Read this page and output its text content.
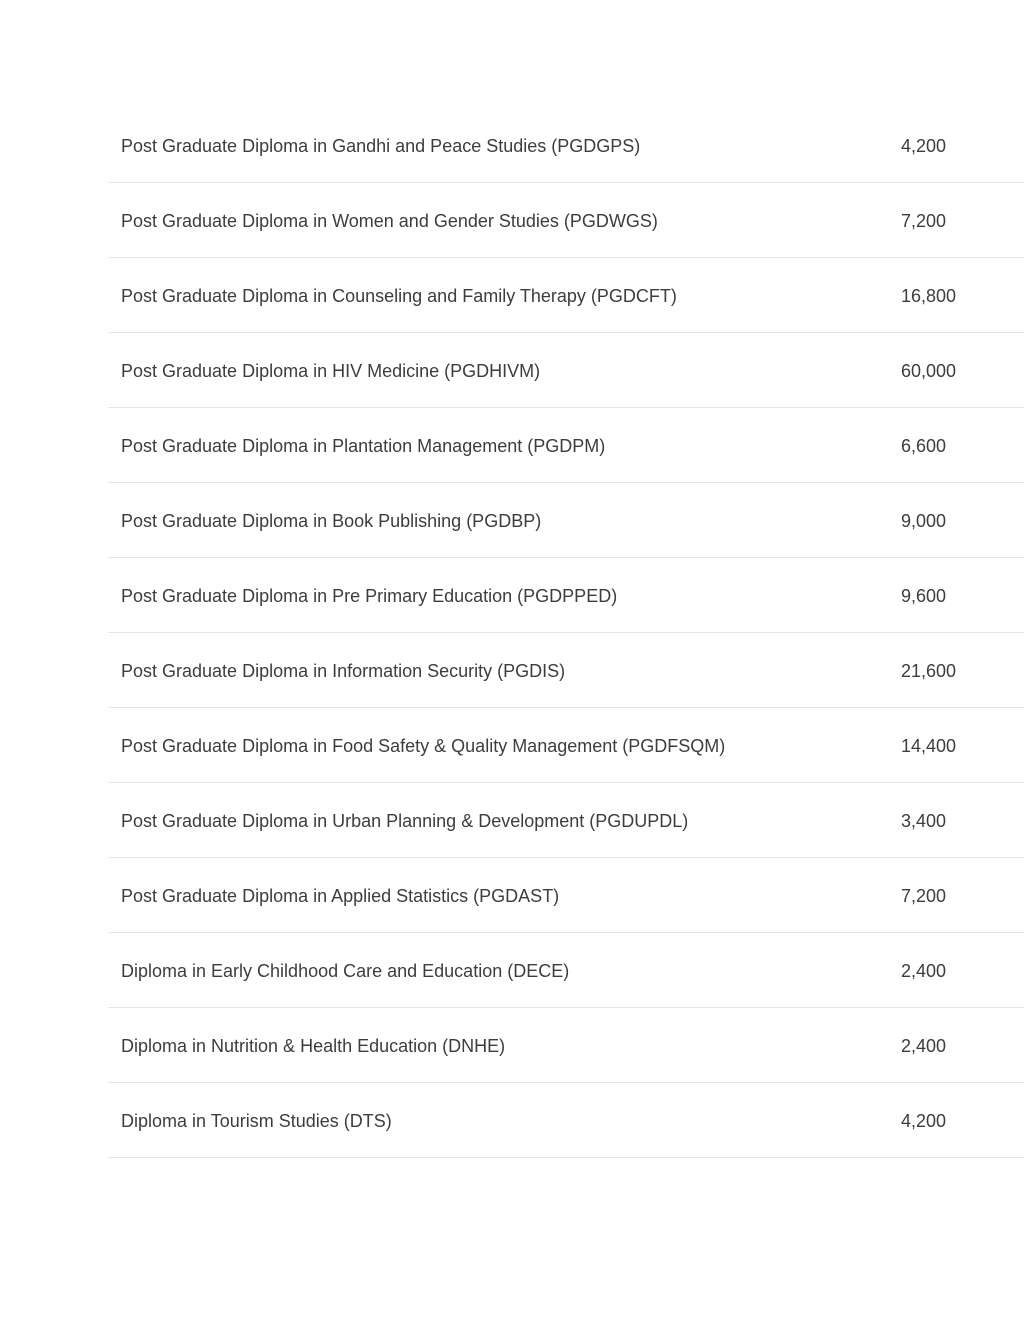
Post Graduate Diploma in Gandhi and Peace Studies (PGDGPS)	4,200
Post Graduate Diploma in Women and Gender Studies (PGDWGS)	7,200
Post Graduate Diploma in Counseling and Family Therapy (PGDCFT)	16,800
Post Graduate Diploma in HIV Medicine (PGDHIVM)	60,000
Post Graduate Diploma in Plantation Management (PGDPM)	6,600
Post Graduate Diploma in Book Publishing (PGDBP)	9,000
Post Graduate Diploma in Pre Primary Education (PGDPPED)	9,600
Post Graduate Diploma in Information Security (PGDIS)	21,600
Post Graduate Diploma in Food Safety & Quality Management (PGDFSQM)	14,400
Post Graduate Diploma in Urban Planning & Development (PGDUPDL)	3,400
Post Graduate Diploma in Applied Statistics (PGDAST)	7,200
Diploma in Early Childhood Care and Education (DECE)	2,400
Diploma in Nutrition & Health Education (DNHE)	2,400
Diploma in Tourism Studies (DTS)	4,200
